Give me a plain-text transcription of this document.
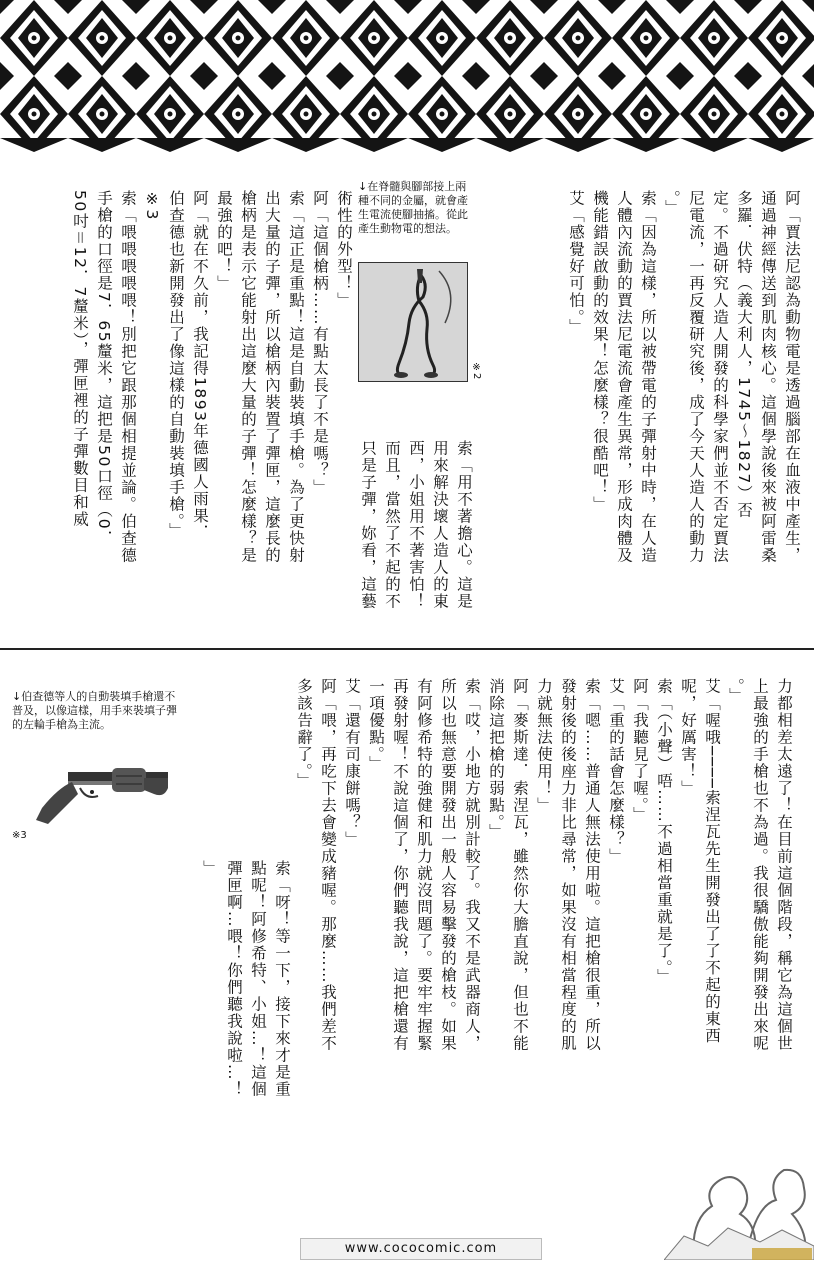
阿「賈法尼認為動物電是透過腦部在血液中產生，
通過神經傳送到肌肉核心。這個學說後來被阿雷桑
多羅．伏特（義大利人，1745～1827）否
定。不過研究人造人開發的科學家們並不否定賈法
尼電流，一再反覆研究後，成了今天人造人的動力
。」
索「因為這樣，所以被帶電的子彈射中時，在人造
人體內流動的賈法尼電流會產生異常，形成肉體及
機能錯誤啟動的效果！怎麼樣？很酷吧！」
艾「感覺好可怕。」
索「用不著擔心。這是
用來解決壞人造人的東
西，小姐用不著害怕！
而且，當然了不起的不
只是子彈，妳看，這藝
術性的外型！」
阿「這個槍柄……有點太長了不是嗎？」
索「這正是重點！這是自動裝填手槍。為了更快射
出大量的子彈，所以槍柄內裝置了彈匣，這麼長的
槍柄是表示它能射出這麼大量的子彈！怎麼樣？是
最強的吧！」
阿「就在不久前，我記得1893年德國人雨果．
伯查德也新開發出了像這樣的自動裝填手槍。」
※3
索「喂喂喂喂喂！別把它跟那個相提並論。伯查德
手槍的口徑是7．65釐米，這把是50口徑（0．
50吋＝12．7釐米），彈匣裡的子彈數目和威
↓在脊髓與腳部接上兩種不同的金屬，就會產生電流使腳抽搐。從此產生動物電的想法。
※2
力都相差太遠了！在目前這個階段，稱它為這個世
上最強的手槍也不為過。我很驕傲能夠開發出來呢
。」
艾「喔哦────索涅瓦先生開發出了了不起的東西
呢，好厲害！」
索「（小聲）唔……不過相當重就是了。」
阿「我聽見了喔。」
艾「重的話會怎麼樣？」
索「嗯……普通人無法使用啦。這把槍很重，所以
發射後的後座力非比尋常，如果沒有相當程度的肌
力就無法使用！」
阿「麥斯達．索涅瓦，雖然你大膽直說，但也不能
消除這把槍的弱點。」
索「哎，小地方就別計較了。我又不是武器商人，
所以也無意要開發出一般人容易擊發的槍枝。如果
有阿修希特的強健和肌力就沒問題了。要牢牢握緊
再發射喔！不說這個了，你們聽我說，這把槍還有
一項優點。」
艾「還有司康餅嗎？」
阿「喂，再吃下去會變成豬喔。那麼……我們差不
多該告辭了。」
索「呀！等一下，接下來才是重
點呢！阿修希特、小姐…！這個
彈匣啊…喂！你們聽我說啦…！
」
↓伯查德等人的自動裝填手槍還不普及，以像這樣，用手來裝填子彈的左輪手槍為主流。
※3
www.cococomic.com
